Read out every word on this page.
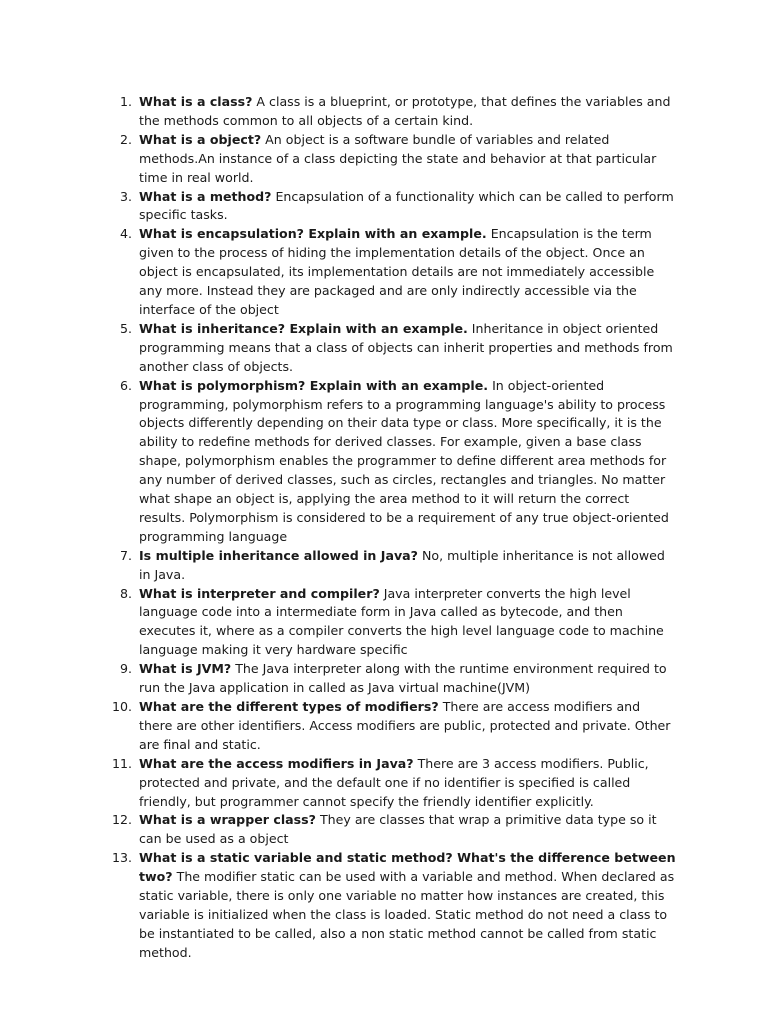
1. What is a class? A class is a blueprint, or prototype, that defines the variables and the methods common to all objects of a certain kind.
2. What is a object? An object is a software bundle of variables and related methods.An instance of a class depicting the state and behavior at that particular time in real world.
3. What is a method? Encapsulation of a functionality which can be called to perform specific tasks.
4. What is encapsulation? Explain with an example. Encapsulation is the term given to the process of hiding the implementation details of the object. Once an object is encapsulated, its implementation details are not immediately accessible any more. Instead they are packaged and are only indirectly accessible via the interface of the object
5. What is inheritance? Explain with an example. Inheritance in object oriented programming means that a class of objects can inherit properties and methods from another class of objects.
6. What is polymorphism? Explain with an example. In object-oriented programming, polymorphism refers to a programming language's ability to process objects differently depending on their data type or class. More specifically, it is the ability to redefine methods for derived classes. For example, given a base class shape, polymorphism enables the programmer to define different area methods for any number of derived classes, such as circles, rectangles and triangles. No matter what shape an object is, applying the area method to it will return the correct results. Polymorphism is considered to be a requirement of any true object-oriented programming language
7. Is multiple inheritance allowed in Java? No, multiple inheritance is not allowed in Java.
8. What is interpreter and compiler? Java interpreter converts the high level language code into a intermediate form in Java called as bytecode, and then executes it, where as a compiler converts the high level language code to machine language making it very hardware specific
9. What is JVM? The Java interpreter along with the runtime environment required to run the Java application in called as Java virtual machine(JVM)
10. What are the different types of modifiers? There are access modifiers and there are other identifiers. Access modifiers are public, protected and private. Other are final and static.
11. What are the access modifiers in Java? There are 3 access modifiers. Public, protected and private, and the default one if no identifier is specified is called friendly, but programmer cannot specify the friendly identifier explicitly.
12. What is a wrapper class? They are classes that wrap a primitive data type so it can be used as a object
13. What is a static variable and static method? What's the difference between two? The modifier static can be used with a variable and method. When declared as static variable, there is only one variable no matter how instances are created, this variable is initialized when the class is loaded. Static method do not need a class to be instantiated to be called, also a non static method cannot be called from static method.
